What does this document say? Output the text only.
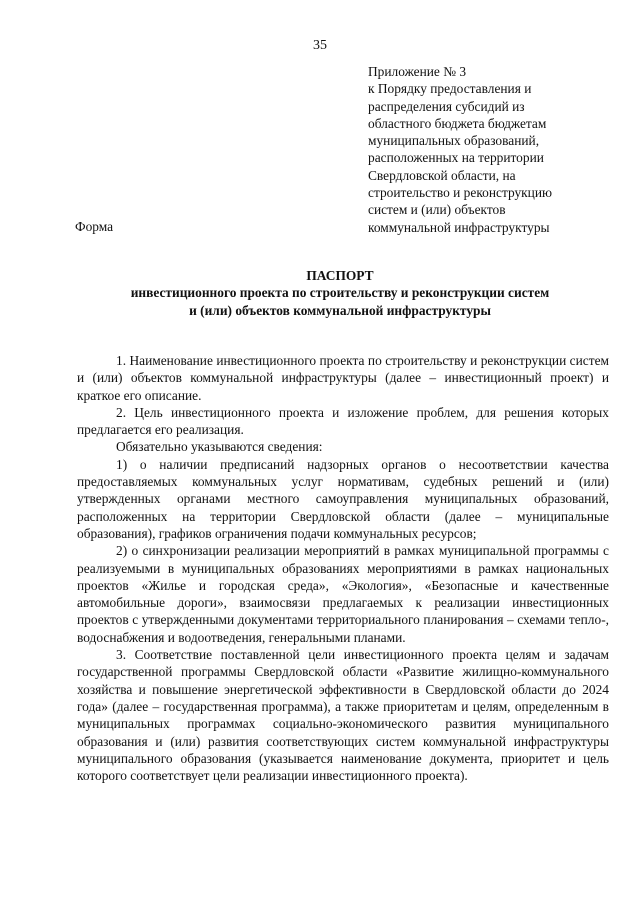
35
Приложение № 3
к Порядку предоставления и
распределения субсидий из
областного бюджета бюджетам
муниципальных образований,
расположенных на территории
Свердловской области, на
строительство и реконструкцию
систем и (или) объектов
коммунальной инфраструктуры
Форма
ПАСПОРТ
инвестиционного проекта по строительству и реконструкции систем
и (или) объектов коммунальной инфраструктуры

1. Наименование инвестиционного проекта по строительству и реконструкции систем и (или) объектов коммунальной инфраструктуры (далее – инвестиционный проект) и краткое его описание.

2. Цель инвестиционного проекта и изложение проблем, для решения которых предлагается его реализация.

Обязательно указываются сведения:

1) о наличии предписаний надзорных органов о несоответствии качества предоставляемых коммунальных услуг нормативам, судебных решений и (или) утвержденных органами местного самоуправления муниципальных образований, расположенных на территории Свердловской области (далее – муниципальные образования), графиков ограничения подачи коммунальных ресурсов;

2) о синхронизации реализации мероприятий в рамках муниципальной программы с реализуемыми в муниципальных образованиях мероприятиями в рамках национальных проектов «Жилье и городская среда», «Экология», «Безопасные и качественные автомобильные дороги», взаимосвязи предлагаемых к реализации инвестиционных проектов с утвержденными документами территориального планирования – схемами тепло-, водоснабжения и водоотведения, генеральными планами.

3. Соответствие поставленной цели инвестиционного проекта целям и задачам государственной программы Свердловской области «Развитие жилищно-коммунального хозяйства и повышение энергетической эффективности в Свердловской области до 2024 года» (далее – государственная программа), а также приоритетам и целям, определенным в муниципальных программах социально-экономического развития муниципального образования и (или) развития соответствующих систем коммунальной инфраструктуры муниципального образования (указывается наименование документа, приоритет и цель которого соответствует цели реализации инвестиционного проекта).
